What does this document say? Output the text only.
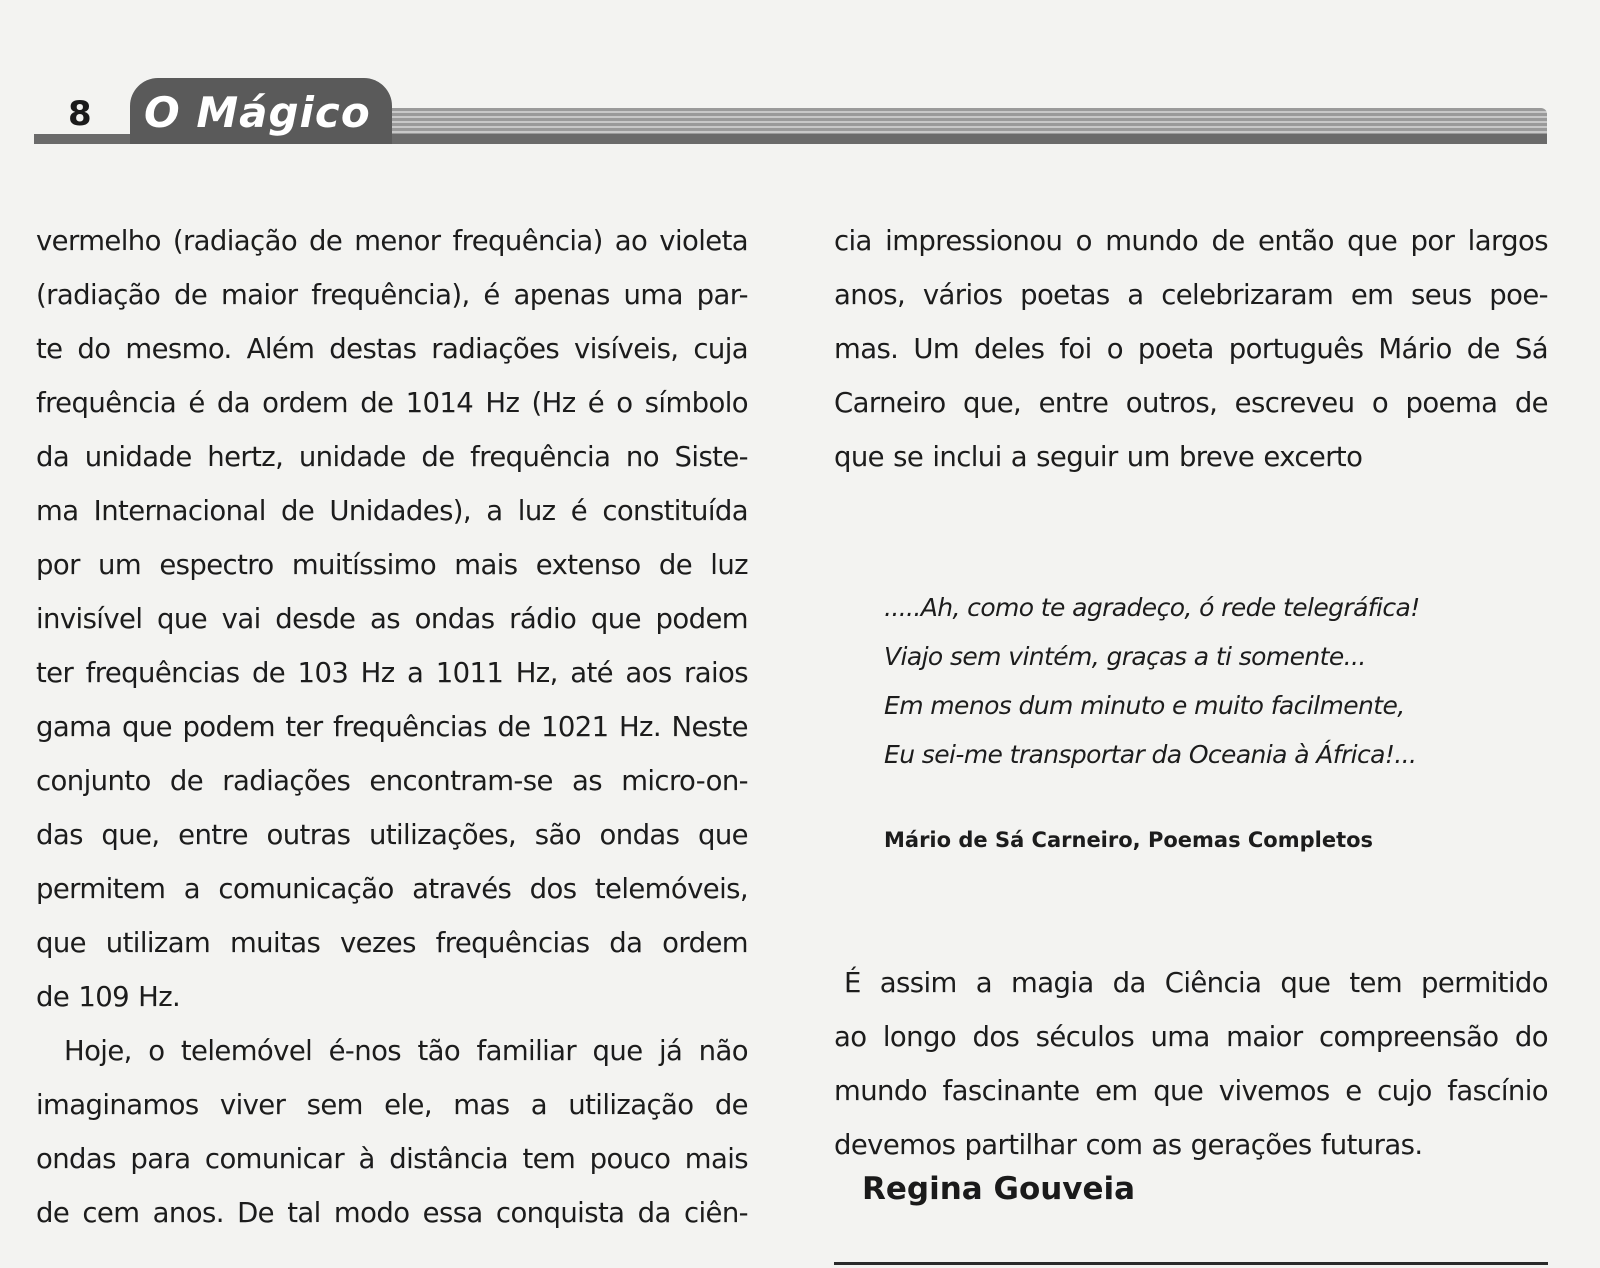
8 O Mágico
vermelho (radiação de menor frequência) ao violeta
(radiação de maior frequência), é apenas uma par-
te do mesmo. Além destas radiações visíveis, cuja
frequência é da ordem de 1014 Hz (Hz é o símbolo
da unidade hertz, unidade de frequência no Siste-
ma Internacional de Unidades), a luz é constituída
por um espectro muitíssimo mais extenso de luz
invisível que vai desde as ondas rádio que podem
ter frequências de 103 Hz a 1011 Hz, até aos raios
gama que podem ter frequências de 1021 Hz. Neste
conjunto de radiações encontram-se as micro-on-
das que, entre outras utilizações, são ondas que
permitem a comunicação através dos telemóveis,
que utilizam muitas vezes frequências da ordem
de 109 Hz.
Hoje, o telemóvel é-nos tão familiar que já não
imaginamos viver sem ele, mas a utilização de
ondas para comunicar à distância tem pouco mais
de cem anos. De tal modo essa conquista da ciên-
cia impressionou o mundo de então que por largos
anos, vários poetas a celebrizaram em seus poe-
mas. Um deles foi o poeta português Mário de Sá
Carneiro que, entre outros, escreveu o poema de
que se inclui a seguir um breve excerto
.....Ah, como te agradeço, ó rede telegráfica!
Viajo sem vintém, graças a ti somente...
Em menos dum minuto e muito facilmente,
Eu sei-me transportar da Oceania à África!...
Mário de Sá Carneiro, Poemas Completos
É assim a magia da Ciência que tem permitido
ao longo dos séculos uma maior compreensão do
mundo fascinante em que vivemos e cujo fascínio
devemos partilhar com as gerações futuras.
Regina Gouveia
